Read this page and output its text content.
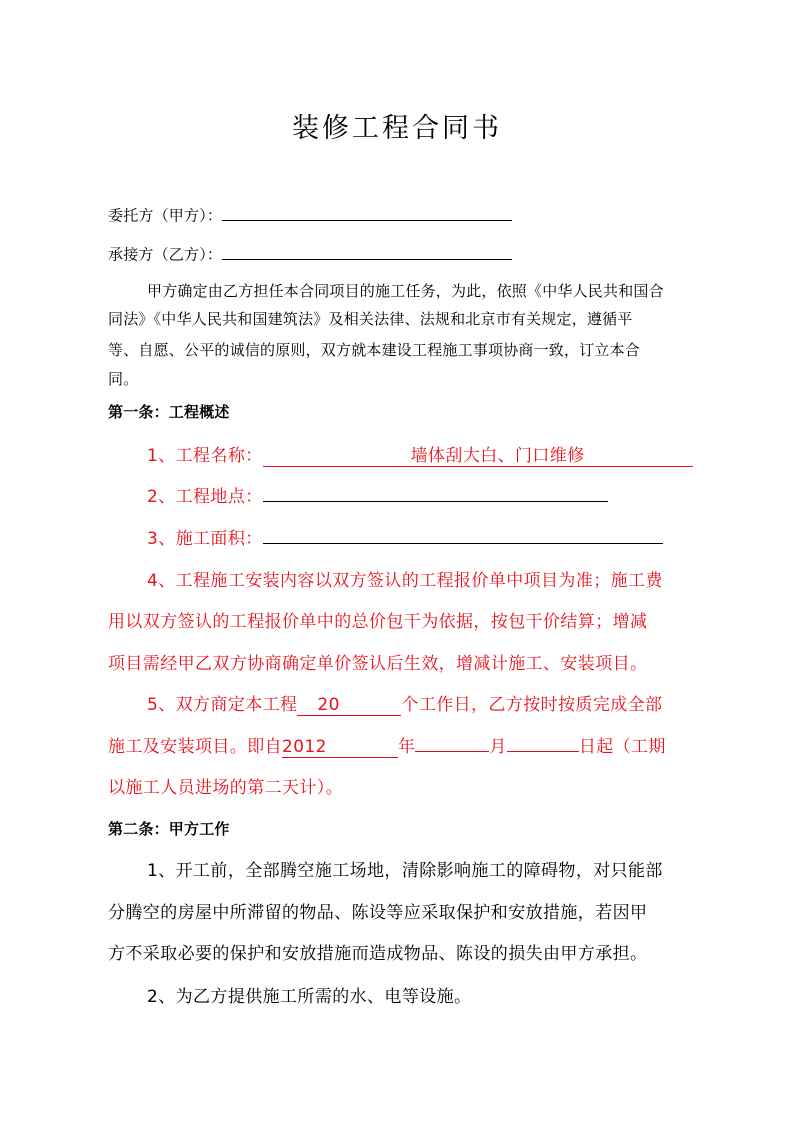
装修工程合同书
委托方（甲方）：
承接方（乙方）：
甲方确定由乙方担任本合同项目的施工任务，为此，依照《中华人民共和国合
同法》《中华人民共和国建筑法》及相关法律、法规和北京市有关规定，遵循平
等、自愿、公平的诚信的原则，双方就本建设工程施工事项协商一致，订立本合
同。
第一条：工程概述
1、工程名称：	墙体刮大白、门口维修
2、工程地点：
3、施工面积：
4、工程施工安装内容以双方签认的工程报价单中项目为准；施工费
用以双方签认的工程报价单中的总价包干为依据，按包干价结算；增减
项目需经甲乙双方协商确定单价签认后生效，增减计施工、安装项目。
5、双方商定本工程 20	个工作日，乙方按时按质完成全部
施工及安装项目。即自2012	年	月	日起（工期
以施工人员进场的第二天计）。
第二条：甲方工作
1、开工前，全部腾空施工场地，清除影响施工的障碍物，对只能部
分腾空的房屋中所滞留的物品、陈设等应采取保护和安放措施，若因甲
方不采取必要的保护和安放措施而造成物品、陈设的损失由甲方承担。
2、为乙方提供施工所需的水、电等设施。
